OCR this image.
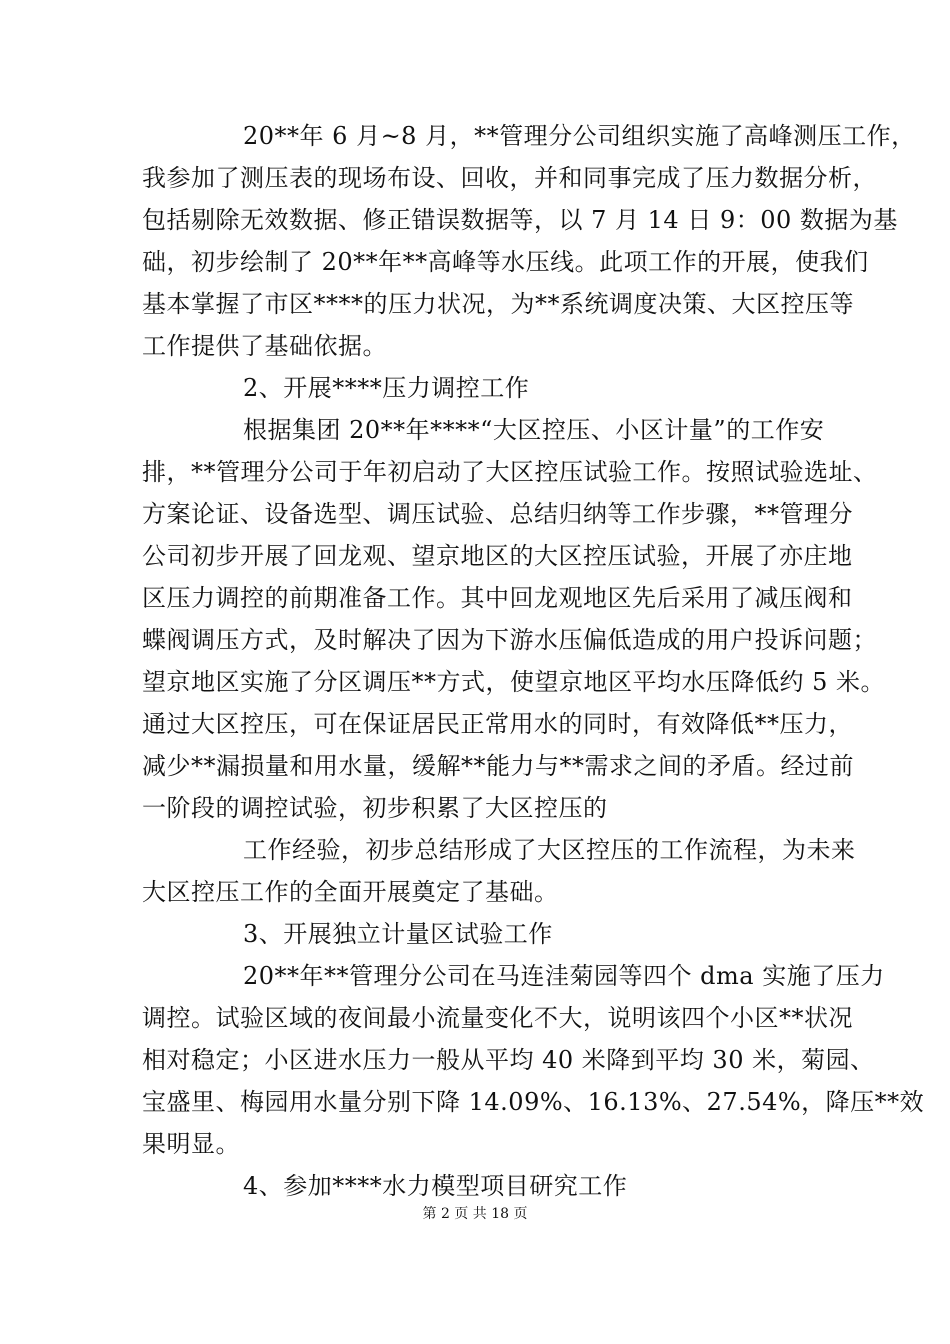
20**年 6 月~8 月，**管理分公司组织实施了高峰测压工作，
我参加了测压表的现场布设、回收，并和同事完成了压力数据分析，
包括剔除无效数据、修正错误数据等，以 7 月 14 日 9：00 数据为基
础，初步绘制了 20**年**高峰等水压线。此项工作的开展，使我们
基本掌握了市区****的压力状况，为**系统调度决策、大区控压等
工作提供了基础依据。
2、开展****压力调控工作
根据集团 20**年****“大区控压、小区计量”的工作安
排，**管理分公司于年初启动了大区控压试验工作。按照试验选址、
方案论证、设备选型、调压试验、总结归纳等工作步骤，**管理分
公司初步开展了回龙观、望京地区的大区控压试验，开展了亦庄地
区压力调控的前期准备工作。其中回龙观地区先后采用了减压阀和
蝶阀调压方式，及时解决了因为下游水压偏低造成的用户投诉问题；
望京地区实施了分区调压**方式，使望京地区平均水压降低约 5 米。
通过大区控压，可在保证居民正常用水的同时，有效降低**压力，
减少**漏损量和用水量，缓解**能力与**需求之间的矛盾。经过前
一阶段的调控试验，初步积累了大区控压的
工作经验，初步总结形成了大区控压的工作流程，为未来
大区控压工作的全面开展奠定了基础。
3、开展独立计量区试验工作
20**年**管理分公司在马连洼菊园等四个 dma 实施了压力
调控。试验区域的夜间最小流量变化不大，说明该四个小区**状况
相对稳定；小区进水压力一般从平均 40 米降到平均 30 米，菊园、
宝盛里、梅园用水量分别下降 14.09%、16.13%、27.54%，降压**效
果明显。
4、参加****水力模型项目研究工作
第 2 页 共 18 页
